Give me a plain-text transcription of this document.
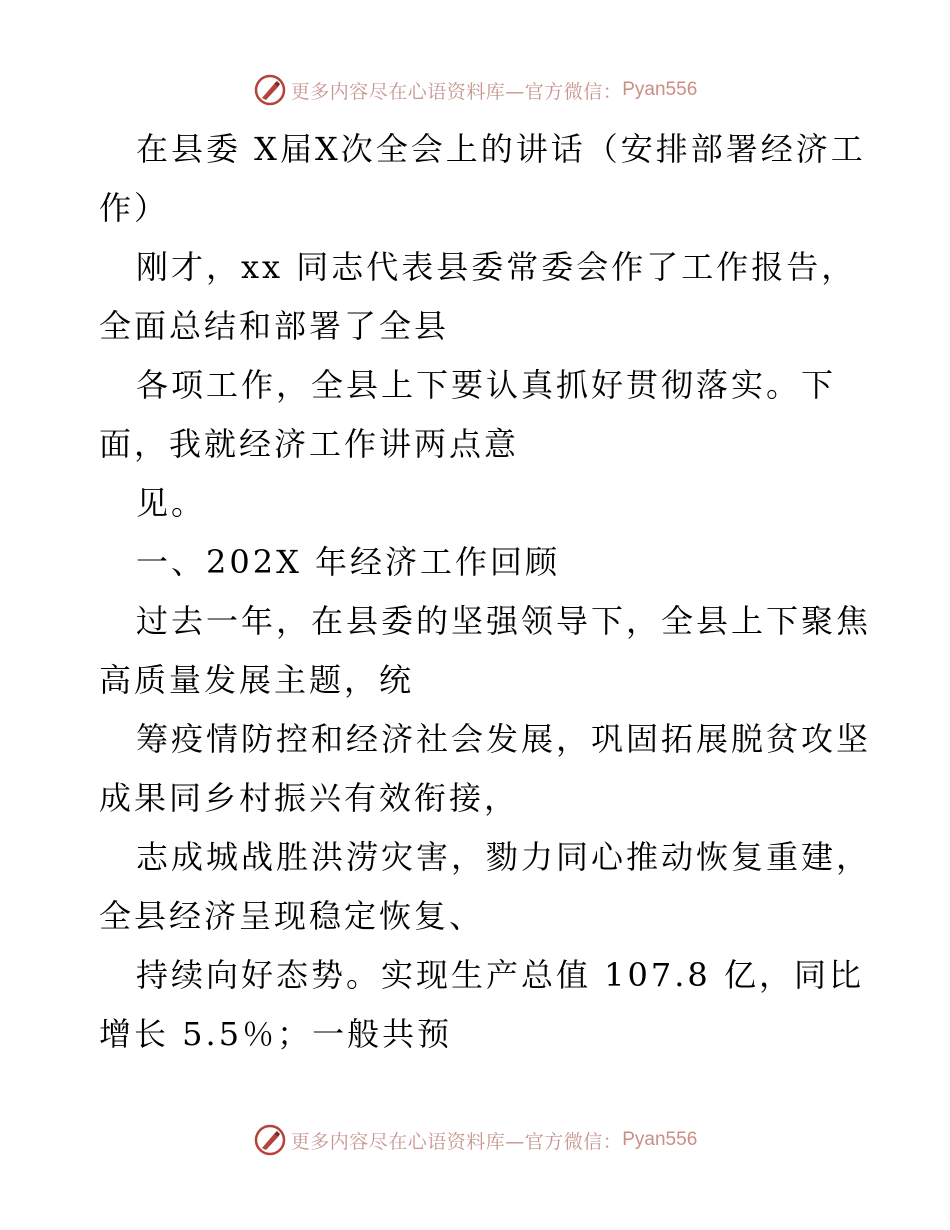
更多内容尽在心语资料库—官方微信： Pyan556

在县委 X届X次全会上的讲话（安排部署经济工

作）

刚才，xx 同志代表县委常委会作了工作报告，

全面总结和部署了全县

各项工作，全县上下要认真抓好贯彻落实。下

面，我就经济工作讲两点意

见。

一、202X 年经济工作回顾

过去一年，在县委的坚强领导下，全县上下聚焦

高质量发展主题，统

筹疫情防控和经济社会发展，巩固拓展脱贫攻坚

成果同乡村振兴有效衔接，

志成城战胜洪涝灾害，勠力同心推动恢复重建，

全县经济呈现稳定恢复、

持续向好态势。实现生产总值 107.8 亿，同比

增长 5.5％；一般共预

更多内容尽在心语资料库—官方微信： Pyan556
